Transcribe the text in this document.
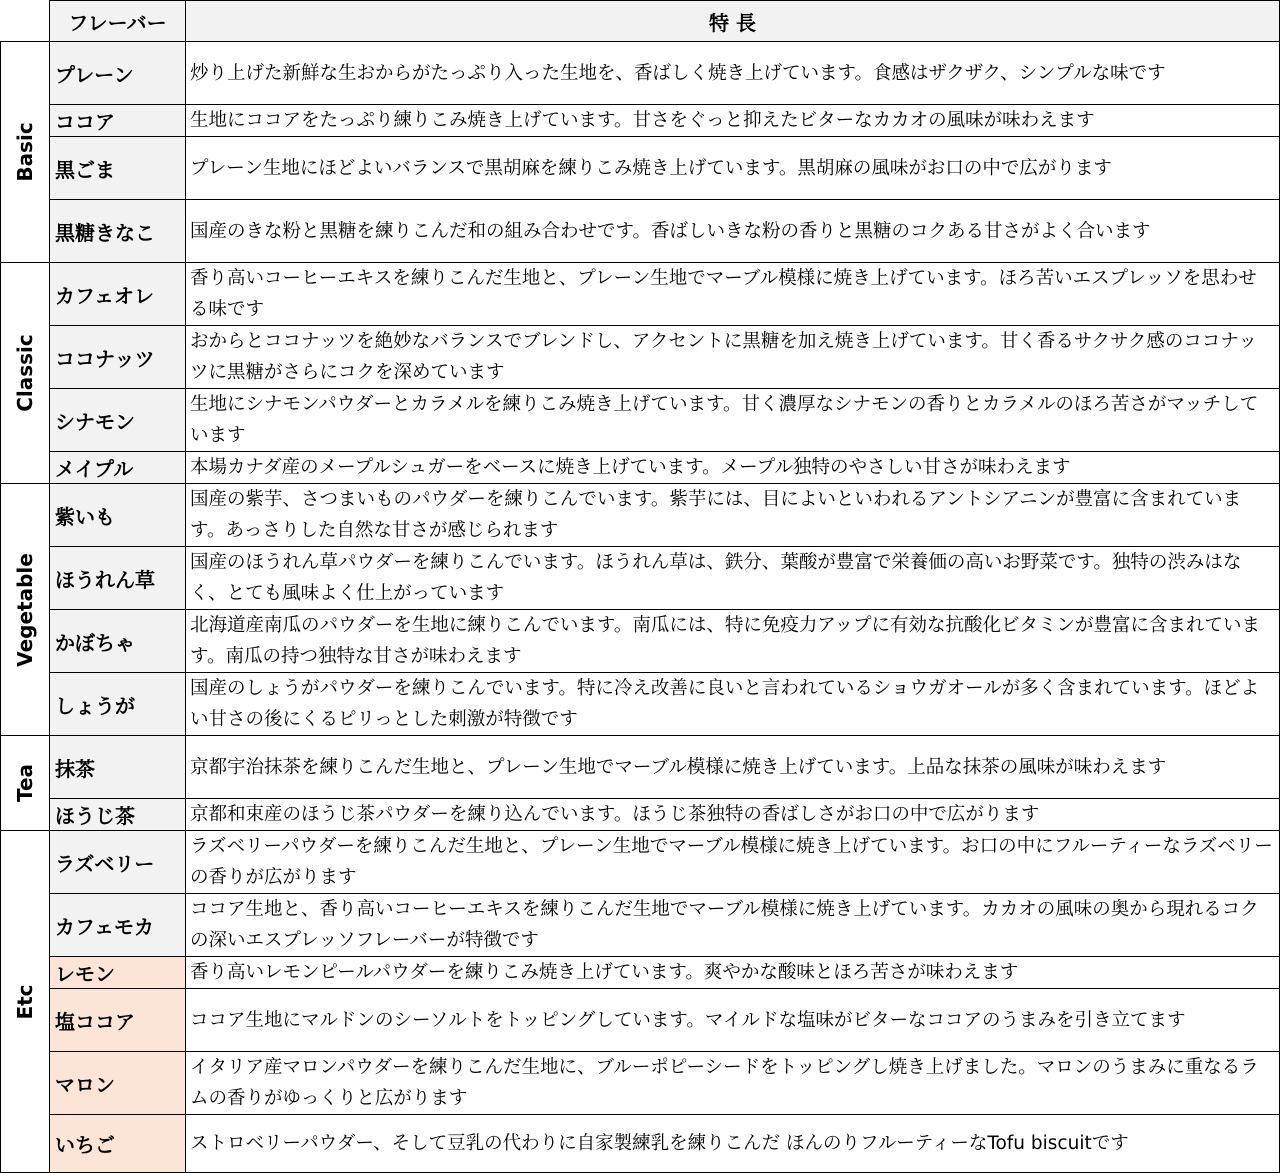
	フレーバー	特 長

Basic	プレーン	炒り上げた新鮮な生おからがたっぷり入った生地を、香ばしく焼き上げています。食感はザクザク、シンプルな味です
	ココア	生地にココアをたっぷり練りこみ焼き上げています。甘さをぐっと抑えたビターなカカオの風味が味わえます
	黒ごま	プレーン生地にほどよいバランスで黒胡麻を練りこみ焼き上げています。黒胡麻の風味がお口の中で広がります
	黒糖きなこ	国産のきな粉と黒糖を練りこんだ和の組み合わせです。香ばしいきな粉の香りと黒糖のコクある甘さがよく合います

Classic	カフェオレ	香り高いコーヒーエキスを練りこんだ生地と、プレーン生地でマーブル模様に焼き上げています。ほろ苦いエスプレッソを思わせる味です
	ココナッツ	おからとココナッツを絶妙なバランスでブレンドし、アクセントに黒糖を加え焼き上げています。甘く香るサクサク感のココナッツに黒糖がさらにコクを深めています
	シナモン	生地にシナモンパウダーとカラメルを練りこみ焼き上げています。甘く濃厚なシナモンの香りとカラメルのほろ苦さがマッチしています
	メイプル	本場カナダ産のメープルシュガーをベースに焼き上げています。メープル独特のやさしい甘さが味わえます

Vegetable	紫いも	国産の紫芋、さつまいものパウダーを練りこんでいます。紫芋には、目によいといわれるアントシアニンが豊富に含まれています。あっさりした自然な甘さが感じられます
	ほうれん草	国産のほうれん草パウダーを練りこんでいます。ほうれん草は、鉄分、葉酸が豊富で栄養価の高いお野菜です。独特の渋みはなく、とても風味よく仕上がっています
	かぼちゃ	北海道産南瓜のパウダーを生地に練りこんでいます。南瓜には、特に免疫力アップに有効な抗酸化ビタミンが豊富に含まれています。南瓜の持つ独特な甘さが味わえます
	しょうが	国産のしょうがパウダーを練りこんでいます。特に冷え改善に良いと言われているショウガオールが多く含まれています。ほどよい甘さの後にくるピリっとした刺激が特徴です

Tea	抹茶	京都宇治抹茶を練りこんだ生地と、プレーン生地でマーブル模様に焼き上げています。上品な抹茶の風味が味わえます
	ほうじ茶	京都和束産のほうじ茶パウダーを練り込んでいます。ほうじ茶独特の香ばしさがお口の中で広がります

Etc	ラズベリー	ラズベリーパウダーを練りこんだ生地と、プレーン生地でマーブル模様に焼き上げています。お口の中にフルーティーなラズベリーの香りが広がります
	カフェモカ	ココア生地と、香り高いコーヒーエキスを練りこんだ生地でマーブル模様に焼き上げています。カカオの風味の奥から現れるコクの深いエスプレッソフレーバーが特徴です
	レモン	香り高いレモンピールパウダーを練りこみ焼き上げています。爽やかな酸味とほろ苦さが味わえます
	塩ココア	ココア生地にマルドンのシーソルトをトッピングしています。マイルドな塩味がビターなココアのうまみを引き立てます
	マロン	イタリア産マロンパウダーを練りこんだ生地に、ブルーポピーシードをトッピングし焼き上げました。マロンのうまみに重なるラムの香りがゆっくりと広がります
	いちご	ストロベリーパウダー、そして豆乳の代わりに自家製練乳を練りこんだ ほんのりフルーティーなTofu biscuitです
